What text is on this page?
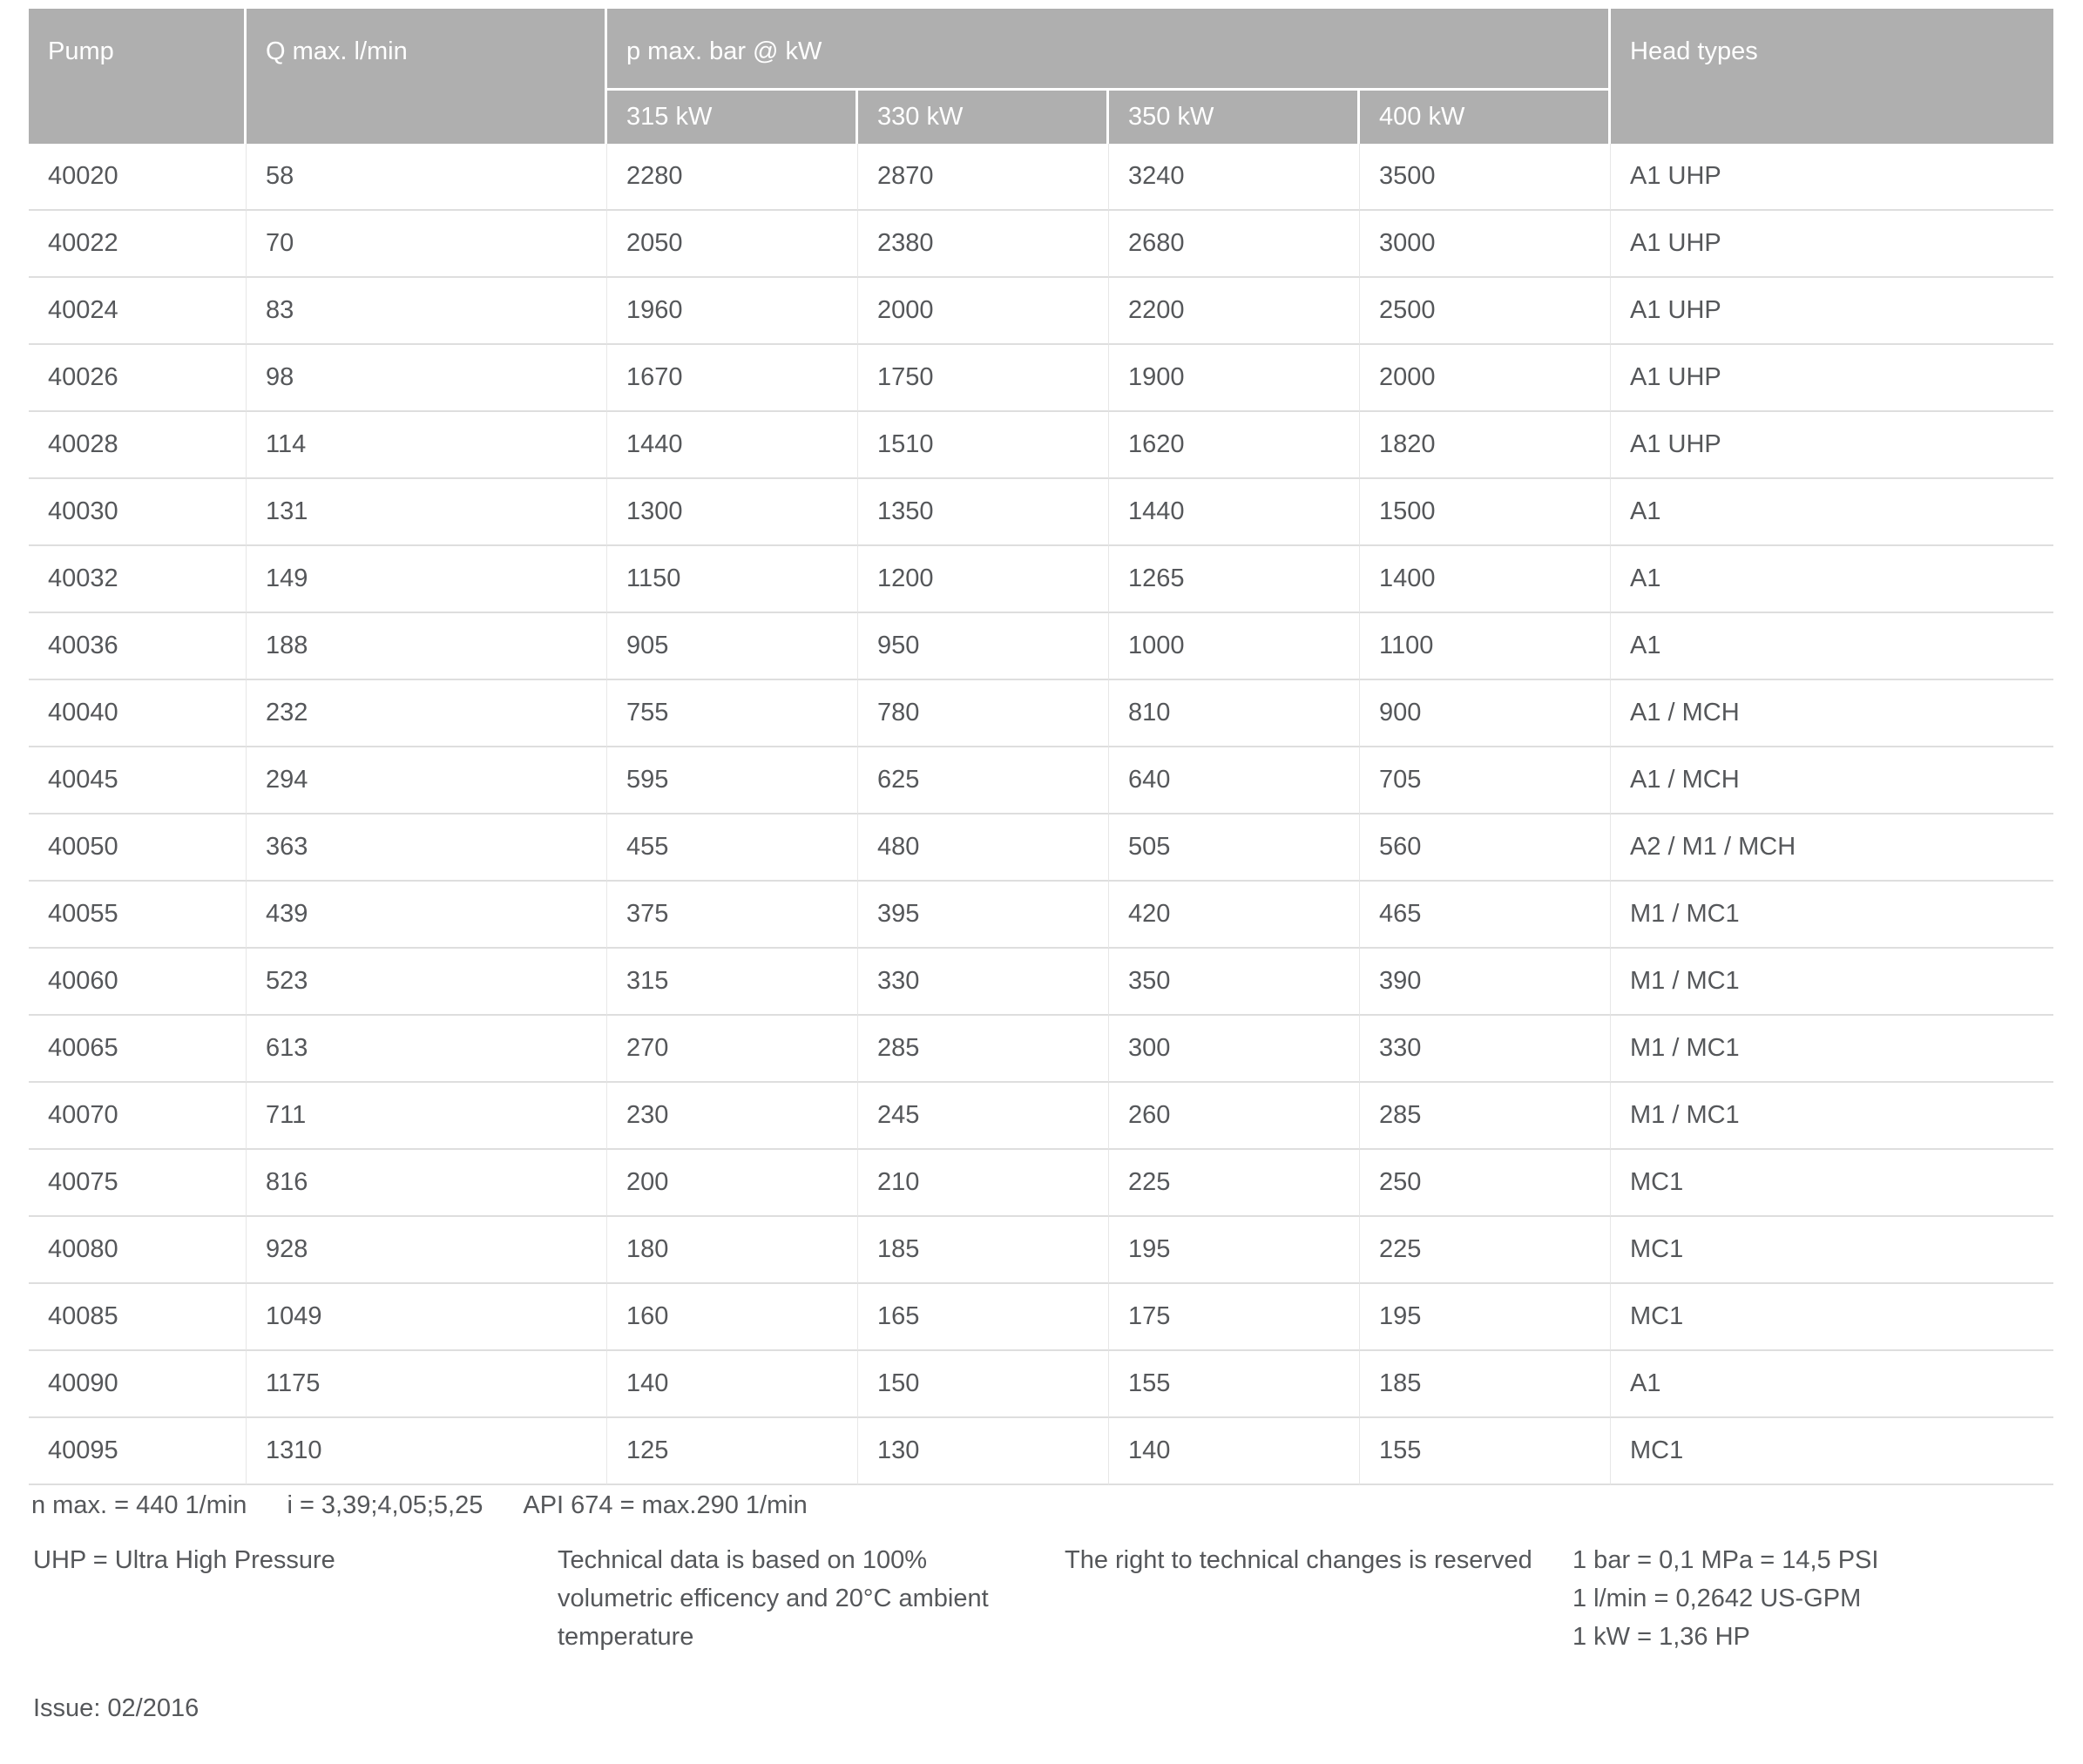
Pump	Q max. l/min	p max. bar @ kW				Head types
		315 kW	330 kW	350 kW	400 kW	
40020	58	2280	2870	3240	3500	A1 UHP
40022	70	2050	2380	2680	3000	A1 UHP
40024	83	1960	2000	2200	2500	A1 UHP
40026	98	1670	1750	1900	2000	A1 UHP
40028	114	1440	1510	1620	1820	A1 UHP
40030	131	1300	1350	1440	1500	A1
40032	149	1150	1200	1265	1400	A1
40036	188	905	950	1000	1100	A1
40040	232	755	780	810	900	A1 / MCH
40045	294	595	625	640	705	A1 / MCH
40050	363	455	480	505	560	A2 / M1 / MCH
40055	439	375	395	420	465	M1 / MC1
40060	523	315	330	350	390	M1 / MC1
40065	613	270	285	300	330	M1 / MC1
40070	711	230	245	260	285	M1 / MC1
40075	816	200	210	225	250	MC1
40080	928	180	185	195	225	MC1
40085	1049	160	165	175	195	MC1
40090	1175	140	150	155	185	A1
40095	1310	125	130	140	155	MC1
n max. = 440 1/min i = 3,39;4,05;5,25 API 674 = max.290 1/min
UHP = Ultra High Pressure	Technical data is based on 100% volumetric efficency and 20°C ambient temperature
The right to technical changes is reserved	1 bar = 0,1 MPa = 14,5 PSI
1 l/min = 0,2642 US-GPM
1 kW = 1,36 HP
Issue: 02/2016
